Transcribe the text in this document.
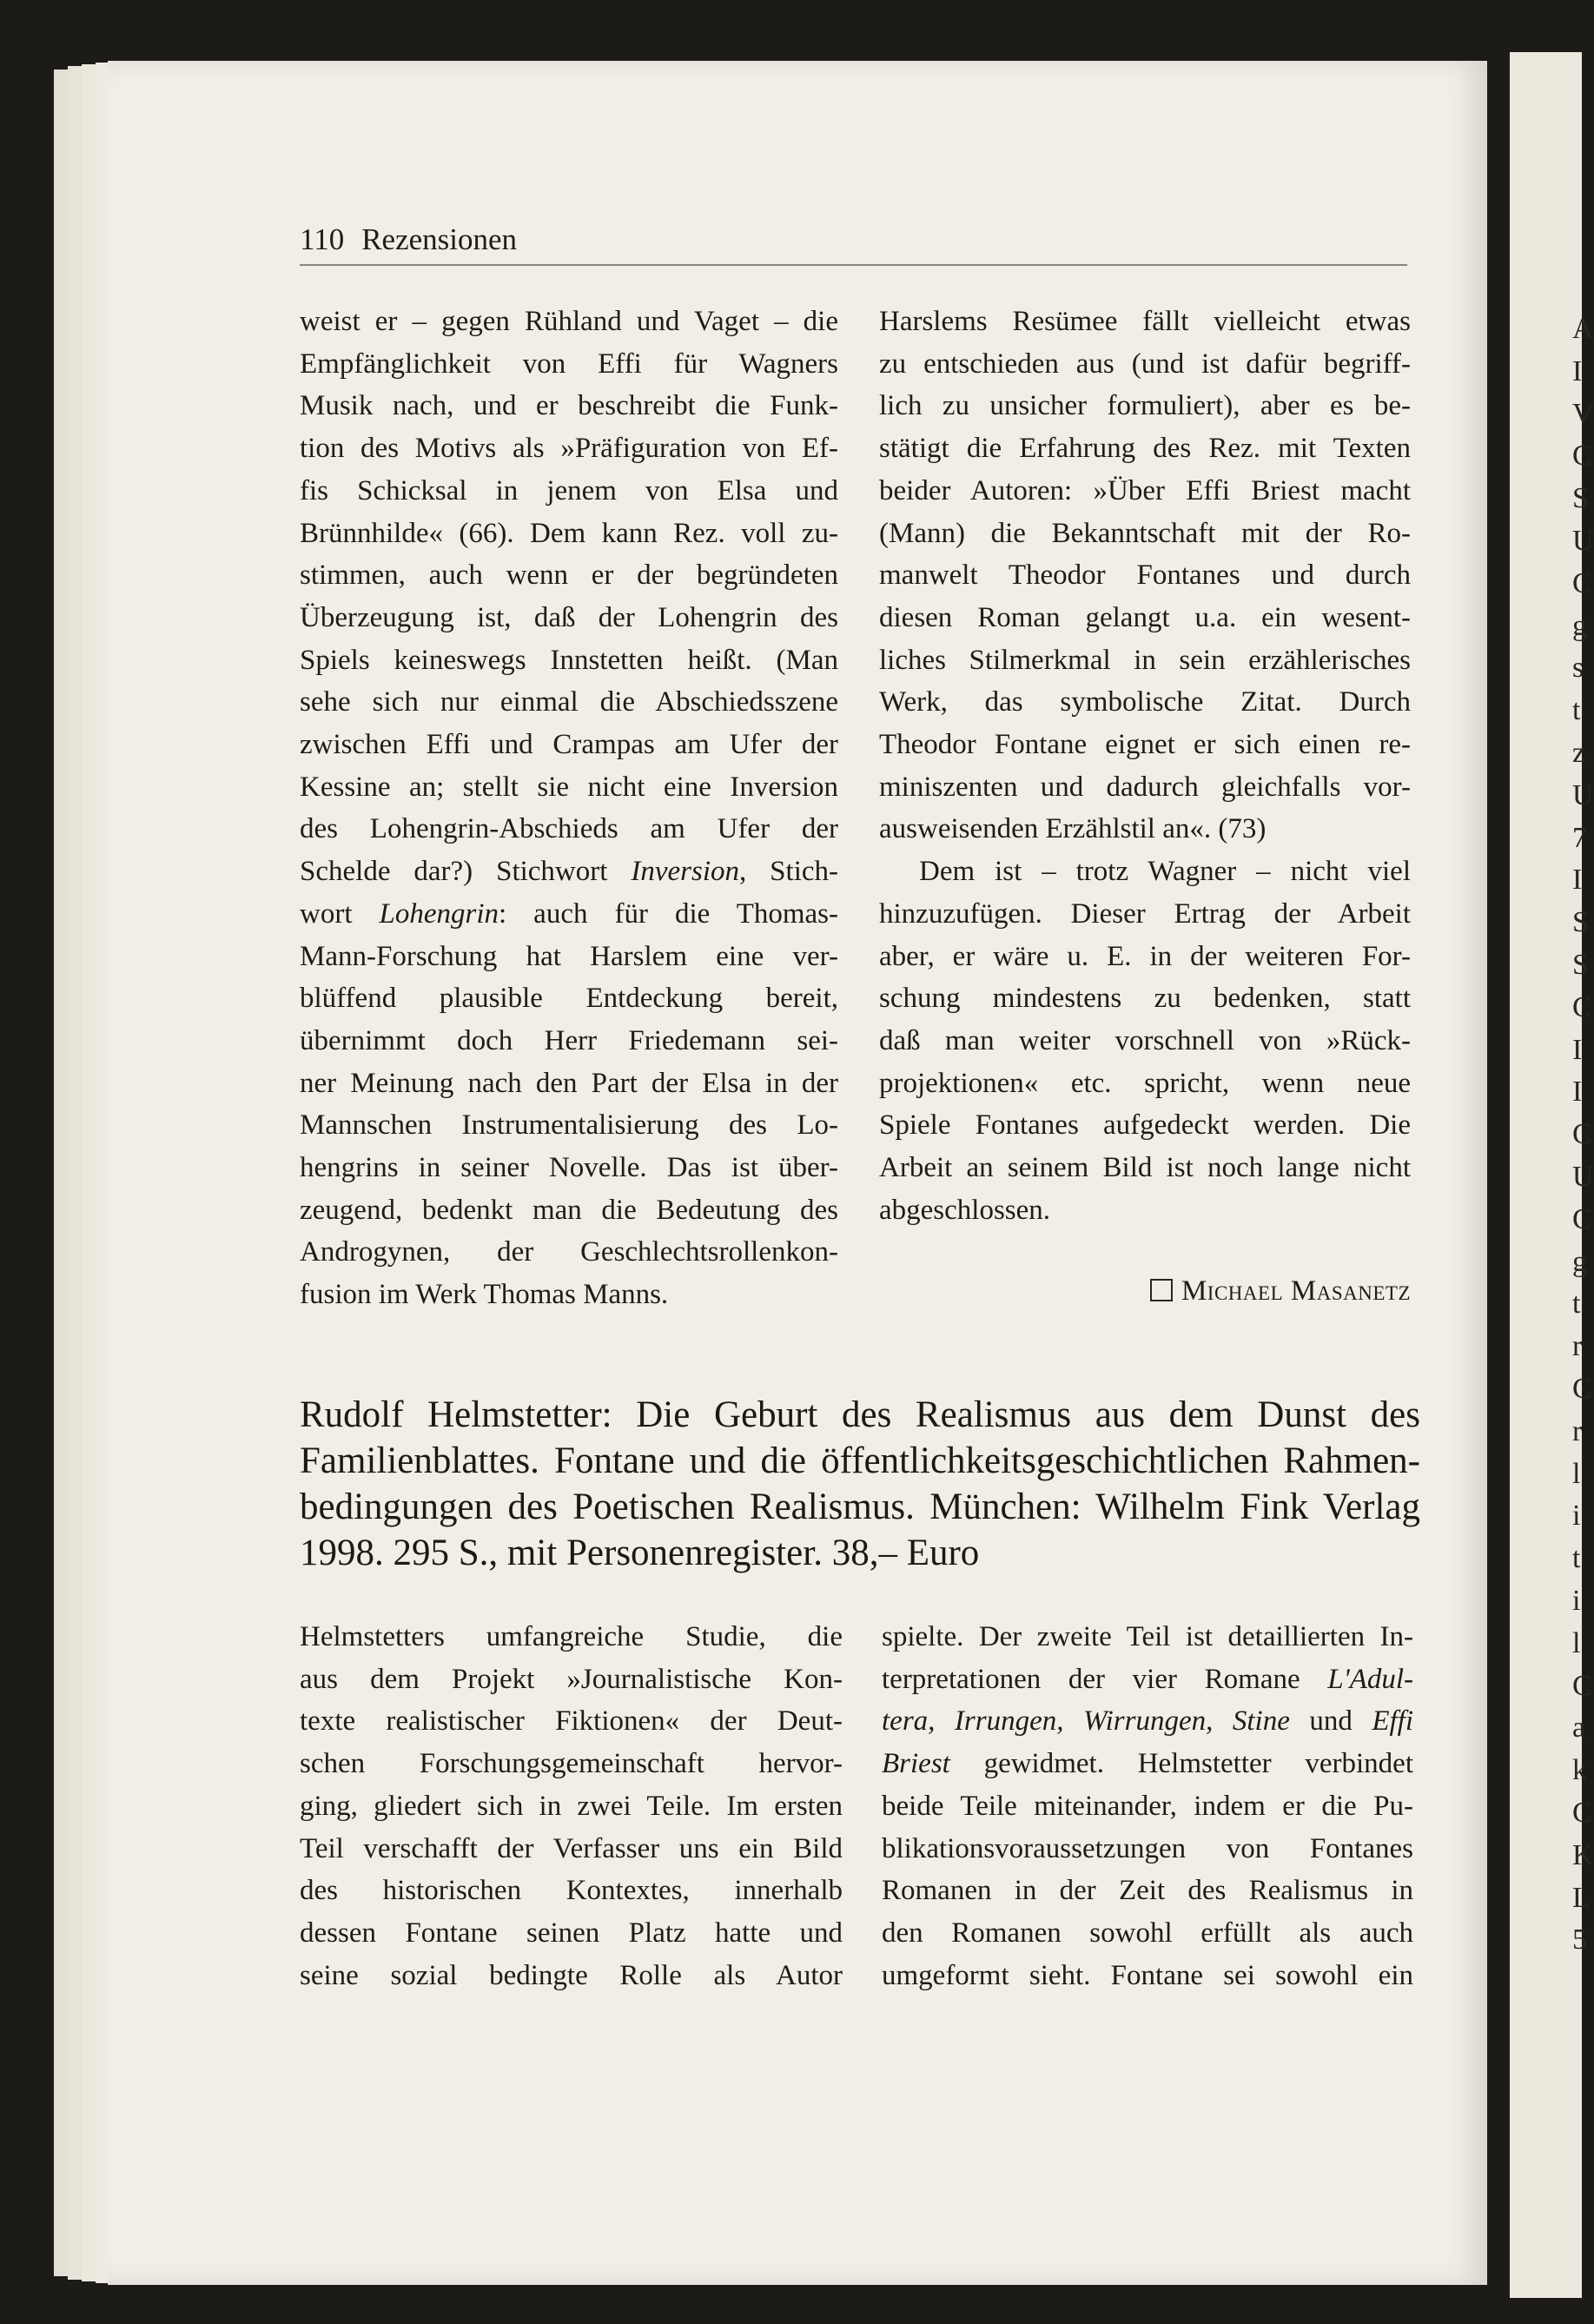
A
I
V
C
S
U
C
g
s
t
z
U
7
I
S
S
C
I
I
C
U
C
g
t
r
C
r
l
i
t
i
l
C
a
k
C
K
L
5
110 Rezensionen

weist er – gegen Rühland und Vaget – die
Empfänglichkeit von Effi für Wagners
Musik nach, und er beschreibt die Funk-
tion des Motivs als »Präfiguration von Ef-
fis Schicksal in jenem von Elsa und
Brünnhilde« (66). Dem kann Rez. voll zu-
stimmen, auch wenn er der begründeten
Überzeugung ist, daß der Lohengrin des
Spiels keineswegs Innstetten heißt. (Man
sehe sich nur einmal die Abschiedsszene
zwischen Effi und Crampas am Ufer der
Kessine an; stellt sie nicht eine Inversion
des Lohengrin-Abschieds am Ufer der
Schelde dar?) Stichwort Inversion, Stich-
wort Lohengrin: auch für die Thomas-
Mann-Forschung hat Harslem eine ver-
blüffend plausible Entdeckung bereit,
übernimmt doch Herr Friedemann sei-
ner Meinung nach den Part der Elsa in der
Mannschen Instrumentalisierung des Lo-
hengrins in seiner Novelle. Das ist über-
zeugend, bedenkt man die Bedeutung des
Androgynen, der Geschlechtsrollenkon-
fusion im Werk Thomas Manns.

Harslems Resümee fällt vielleicht etwas
zu entschieden aus (und ist dafür begriff-
lich zu unsicher formuliert), aber es be-
stätigt die Erfahrung des Rez. mit Texten
beider Autoren: »Über Effi Briest macht
(Mann) die Bekanntschaft mit der Ro-
manwelt Theodor Fontanes und durch
diesen Roman gelangt u.a. ein wesent-
liches Stilmerkmal in sein erzählerisches
Werk, das symbolische Zitat. Durch
Theodor Fontane eignet er sich einen re-
miniszenten und dadurch gleichfalls vor-
ausweisenden Erzählstil an«. (73)

Dem ist – trotz Wagner – nicht viel
hinzuzufügen. Dieser Ertrag der Arbeit
aber, er wäre u. E. in der weiteren For-
schung mindestens zu bedenken, statt
daß man weiter vorschnell von »Rück-
projektionen« etc. spricht, wenn neue
Spiele Fontanes aufgedeckt werden. Die
Arbeit an seinem Bild ist noch lange nicht
abgeschlossen.

Michael Masanetz
Rudolf Helmstetter: Die Geburt des Realismus aus dem Dunst des
Familienblattes. Fontane und die öffentlichkeitsgeschichtlichen Rahmen-
bedingungen des Poetischen Realismus. München: Wilhelm Fink Verlag
1998. 295 S., mit Personenregister. 38,– Euro

Helmstetters umfangreiche Studie, die
aus dem Projekt »Journalistische Kon-
texte realistischer Fiktionen« der Deut-
schen Forschungsgemeinschaft hervor-
ging, gliedert sich in zwei Teile. Im ersten
Teil verschafft der Verfasser uns ein Bild
des historischen Kontextes, innerhalb
dessen Fontane seinen Platz hatte und
seine sozial bedingte Rolle als Autor

spielte. Der zweite Teil ist detaillierten In-
terpretationen der vier Romane L'Adul-
tera, Irrungen, Wirrungen, Stine und Effi
Briest gewidmet. Helmstetter verbindet
beide Teile miteinander, indem er die Pu-
blikationsvoraussetzungen von Fontanes
Romanen in der Zeit des Realismus in
den Romanen sowohl erfüllt als auch
umgeformt sieht. Fontane sei sowohl ein
